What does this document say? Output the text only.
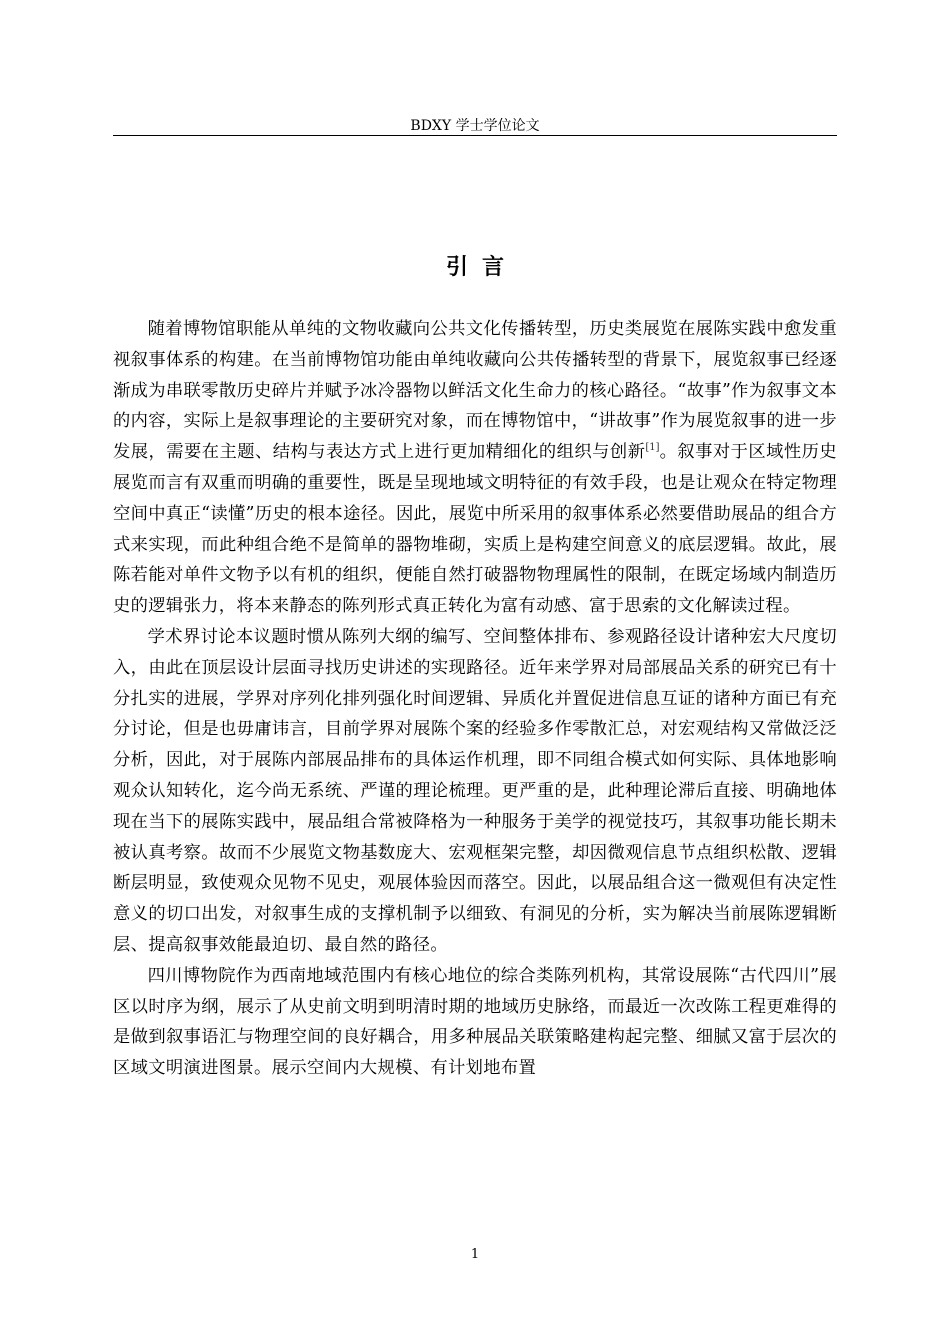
BDXY 学士学位论文
引言

随着博物馆职能从单纯的文物收藏向公共文化传播转型，历史类展览在展陈实践中愈发重视叙事体系的构建。在当前博物馆功能由单纯收藏向公共传播转型的背景下，展览叙事已经逐渐成为串联零散历史碎片并赋予冰冷器物以鲜活文化生命力的核心路径。“故事”作为叙事文本的内容，实际上是叙事理论的主要研究对象，而在博物馆中，“讲故事”作为展览叙事的进一步发展，需要在主题、结构与表达方式上进行更加精细化的组织与创新[1]。叙事对于区域性历史展览而言有双重而明确的重要性，既是呈现地域文明特征的有效手段，也是让观众在特定物理空间中真正“读懂”历史的根本途径。因此，展览中所采用的叙事体系必然要借助展品的组合方式来实现，而此种组合绝不是简单的器物堆砌，实质上是构建空间意义的底层逻辑。故此，展陈若能对单件文物予以有机的组织，便能自然打破器物物理属性的限制，在既定场域内制造历史的逻辑张力，将本来静态的陈列形式真正转化为富有动感、富于思索的文化解读过程。

学术界讨论本议题时惯从陈列大纲的编写、空间整体排布、参观路径设计诸种宏大尺度切入，由此在顶层设计层面寻找历史讲述的实现路径。近年来学界对局部展品关系的研究已有十分扎实的进展，学界对序列化排列强化时间逻辑、异质化并置促进信息互证的诸种方面已有充分讨论，但是也毋庸讳言，目前学界对展陈个案的经验多作零散汇总，对宏观结构又常做泛泛分析，因此，对于展陈内部展品排布的具体运作机理，即不同组合模式如何实际、具体地影响观众认知转化，迄今尚无系统、严谨的理论梳理。更严重的是，此种理论滞后直接、明确地体现在当下的展陈实践中，展品组合常被降格为一种服务于美学的视觉技巧，其叙事功能长期未被认真考察。故而不少展览文物基数庞大、宏观框架完整，却因微观信息节点组织松散、逻辑断层明显，致使观众见物不见史，观展体验因而落空。因此，以展品组合这一微观但有决定性意义的切口出发，对叙事生成的支撑机制予以细致、有洞见的分析，实为解决当前展陈逻辑断层、提高叙事效能最迫切、最自然的路径。

四川博物院作为西南地域范围内有核心地位的综合类陈列机构，其常设展陈“古代四川”展区以时序为纲，展示了从史前文明到明清时期的地域历史脉络，而最近一次改陈工程更难得的是做到叙事语汇与物理空间的良好耦合，用多种展品关联策略建构起完整、细腻又富于层次的区域文明演进图景。展示空间内大规模、有计划地布置

1
